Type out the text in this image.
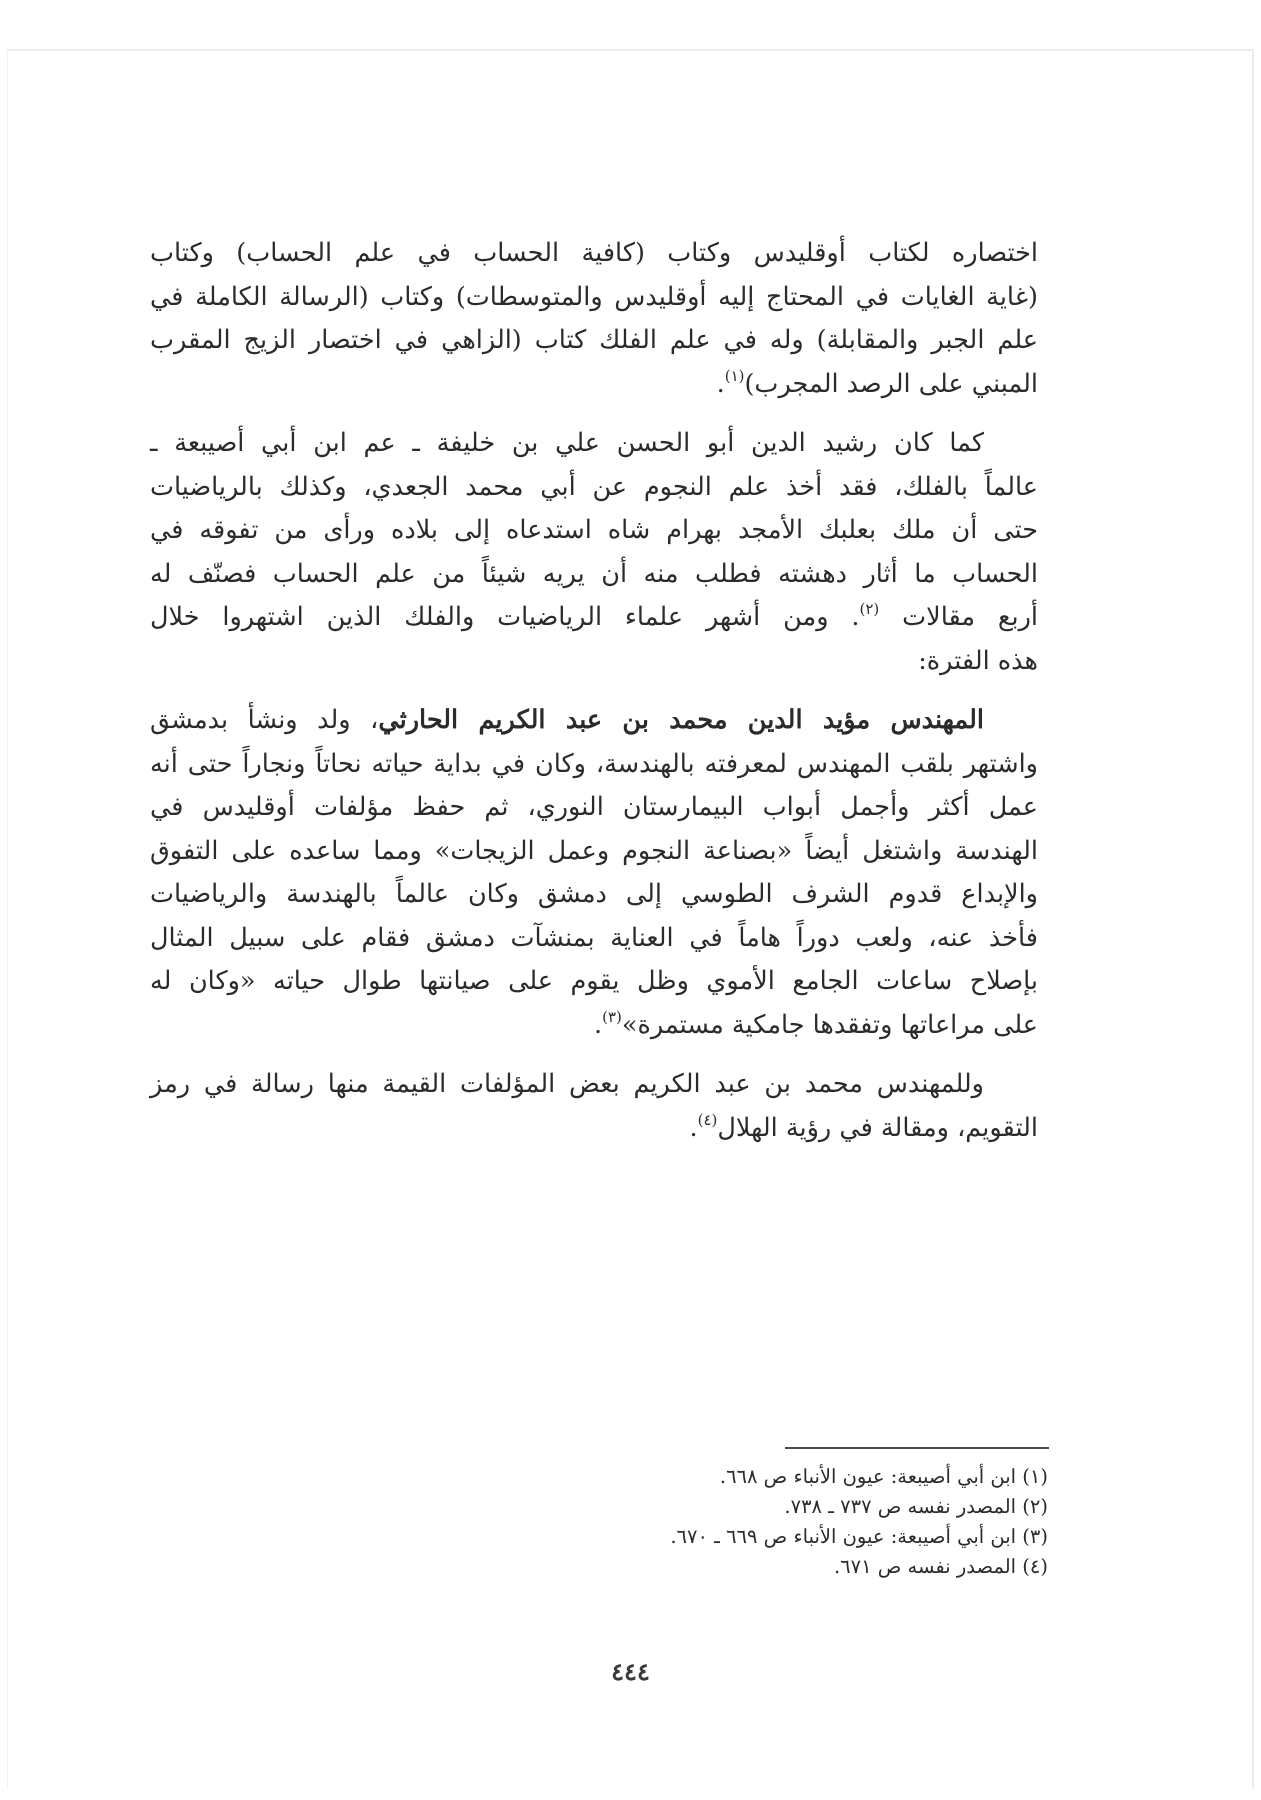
اختصاره لكتاب أوقليدس وكتاب (كافية الحساب في علم الحساب) وكتاب
(غاية الغايات في المحتاج إليه أوقليدس والمتوسطات) وكتاب (الرسالة الكاملة في
علم الجبر والمقابلة) وله في علم الفلك كتاب (الزاهي في اختصار الزيج المقرب
المبني على الرصد المجرب)$^{(١)}$.

كما كان رشيد الدين أبو الحسن علي بن خليفة ـ عم ابن أبي أصيبعة ـ
عالماً بالفلك، فقد أخذ علم النجوم عن أبي محمد الجعدي، وكذلك بالرياضيات
حتى أن ملك بعلبك الأمجد بهرام شاه استدعاه إلى بلاده ورأى من تفوقه في
الحساب ما أثار دهشته فطلب منه أن يريه شيئاً من علم الحساب فصنّف له
أربع مقالات $^{(٢)}$. ومن أشهر علماء الرياضيات والفلك الذين اشتهروا خلال
هذه الفترة:

المهندس مؤيد الدين محمد بن عبد الكريم الحارثي، ولد ونشأ بدمشق
واشتهر بلقب المهندس لمعرفته بالهندسة، وكان في بداية حياته نحاتاً ونجاراً حتى أنه
عمل أكثر وأجمل أبواب البيمارستان النوري، ثم حفظ مؤلفات أوقليدس في
الهندسة واشتغل أيضاً «بصناعة النجوم وعمل الزيجات» ومما ساعده على التفوق
والإبداع قدوم الشرف الطوسي إلى دمشق وكان عالماً بالهندسة والرياضيات
فأخذ عنه، ولعب دوراً هاماً في العناية بمنشآت دمشق فقام على سبيل المثال
بإصلاح ساعات الجامع الأموي وظل يقوم على صيانتها طوال حياته «وكان له
على مراعاتها وتفقدها جامكية مستمرة»$^{(٣)}$.

وللمهندس محمد بن عبد الكريم بعض المؤلفات القيمة منها رسالة في رمز
التقويم، ومقالة في رؤية الهلال$^{(٤)}$.

(١) ابن أبي أصيبعة: عيون الأنباء ص ٦٦٨.
(٢) المصدر نفسه ص ٧٣٧ ـ ٧٣٨.
(٣) ابن أبي أصيبعة: عيون الأنباء ص ٦٦٩ ـ ٦٧٠.
(٤) المصدر نفسه ص ٦٧١.
٤٤٤
